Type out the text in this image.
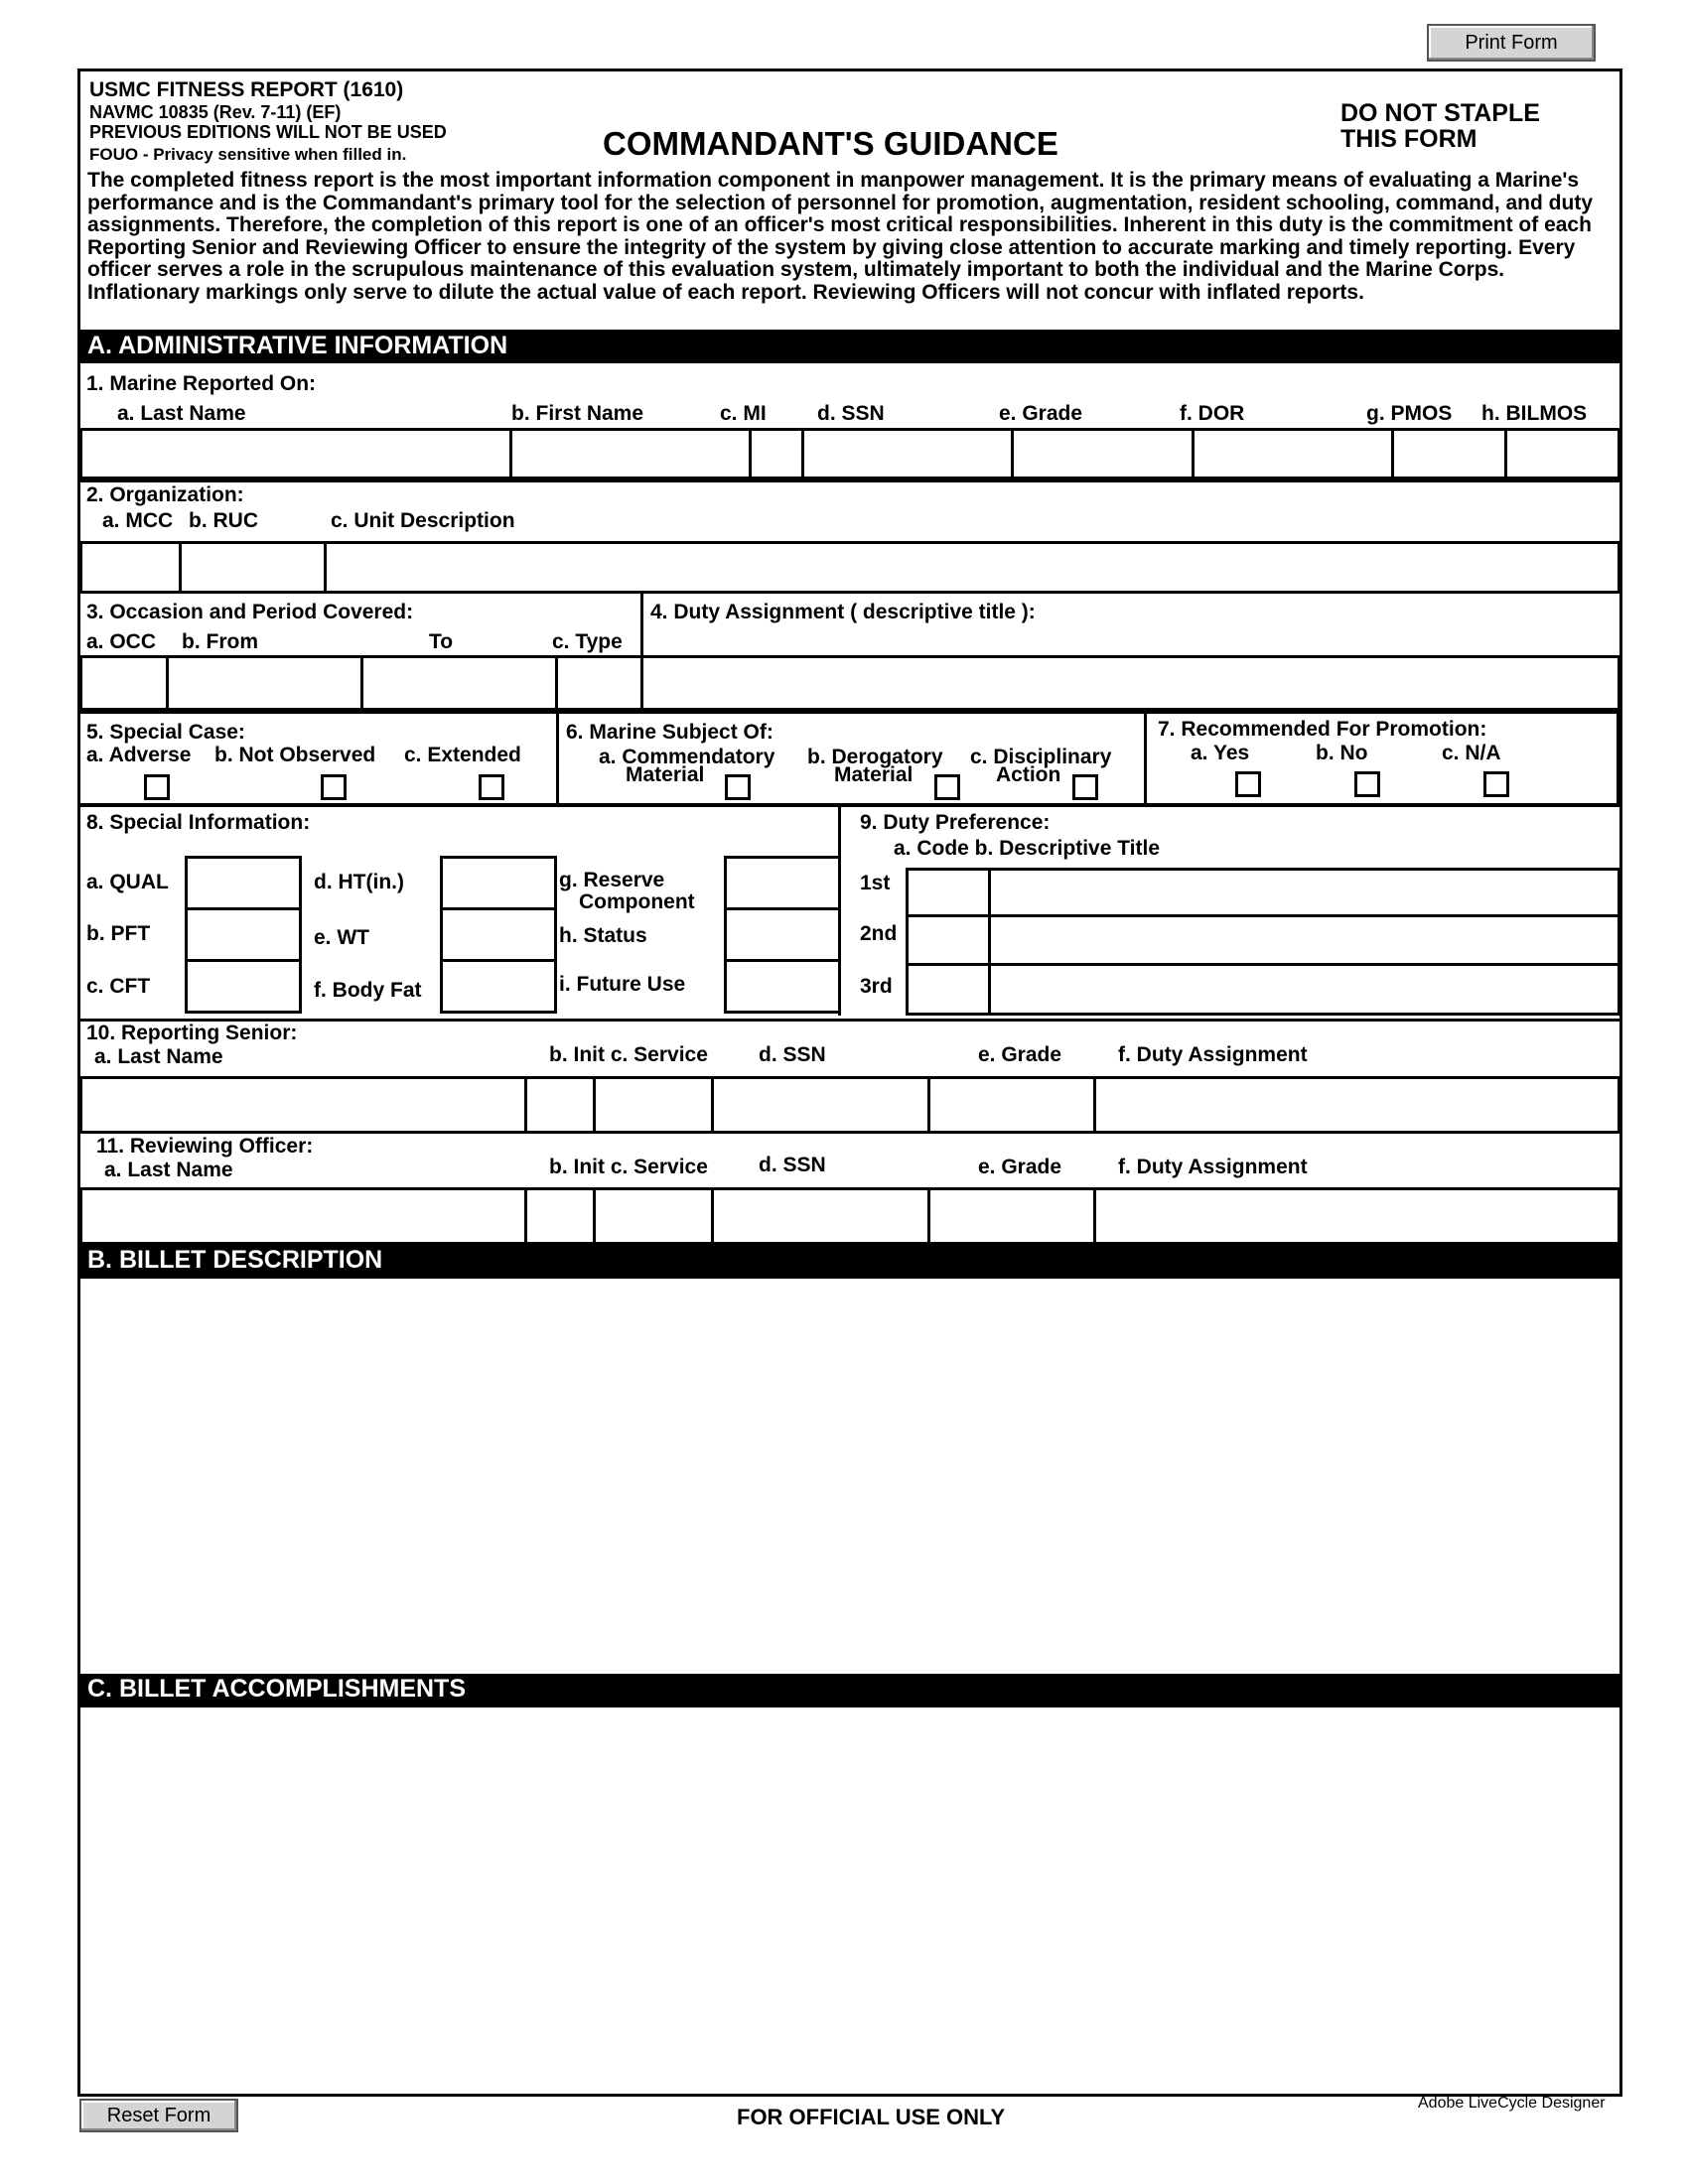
Print Form
USMC FITNESS REPORT (1610)
NAVMC 10835 (Rev. 7-11) (EF)
PREVIOUS EDITIONS WILL NOT BE USED
FOUO - Privacy sensitive when filled in.	COMMANDANT'S GUIDANCE
DO NOT STAPLE
THIS FORM
The completed fitness report is the most important information component in manpower management. It is the primary means of evaluating a Marine's performance and is the Commandant's primary tool for the selection of personnel for promotion, augmentation, resident schooling, command, and duty assignments. Therefore, the completion of this report is one of an officer's most critical responsibilities. Inherent in this duty is the commitment of each Reporting Senior and Reviewing Officer to ensure the integrity of the system by giving close attention to accurate marking and timely reporting. Every officer serves a role in the scrupulous maintenance of this evaluation system, ultimately important to both the individual and the Marine Corps. Inflationary markings only serve to dilute the actual value of each report. Reviewing Officers will not concur with inflated reports.
A. ADMINISTRATIVE INFORMATION
1. Marine Reported On:
a. Last Name	b. First Name	c. MI d. SSN	e. Grade	f. DOR	g. PMOS h. BILMOS
2. Organization:
a. MCC b. RUC	c. Unit Description
3. Occasion and Period Covered:
a. OCC b. From	To	c. Type
4. Duty Assignment ( descriptive title ):
5. Special Case:
a. Adverse b. Not Observed c. Extended
6. Marine Subject Of:
a. Commendatory
Material
b. Derogatory
Material
c. Disciplinary
Action
7. Recommended For Promotion:
a. Yes	b. No	c. N/A
8. Special Information:
a. QUAL
b. PFT
c. CFT
d. HT(in.)
e. WT
f. Body Fat
g. Reserve
Component
h. Status
i. Future Use
9. Duty Preference:
a. Code b. Descriptive Title
1st
2nd
3rd
10. Reporting Senior:
a. Last Name	b. Init c. Service d. SSN	e. Grade	f. Duty Assignment
11. Reviewing Officer:
a. Last Name	b. Init c. Service d. SSN	e. Grade	f. Duty Assignment
B. BILLET DESCRIPTION
C. BILLET ACCOMPLISHMENTS
Reset Form	FOR OFFICIAL USE ONLY
Adobe LiveCycle Designer
